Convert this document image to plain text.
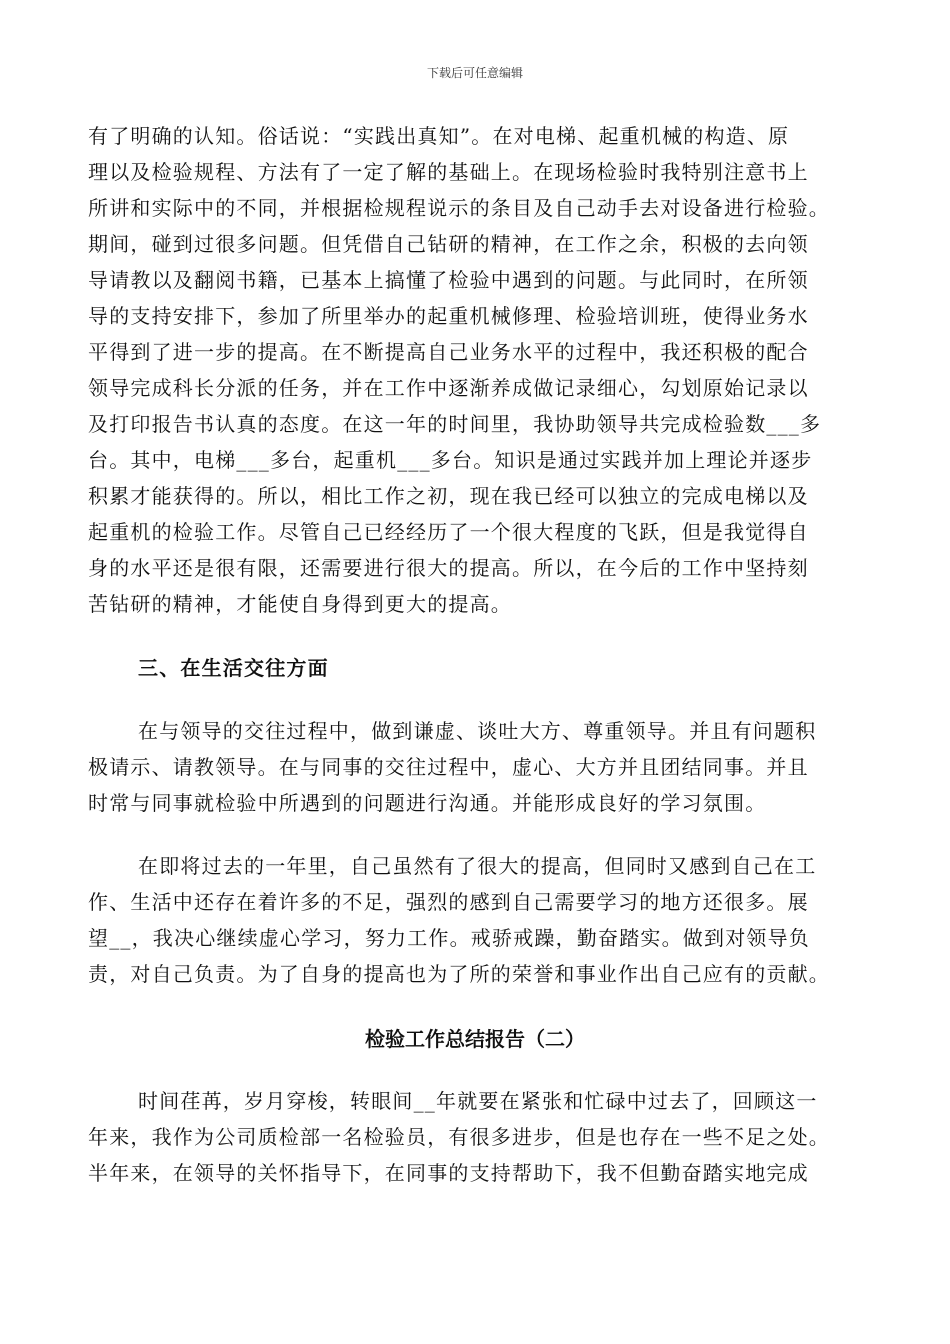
下载后可任意编辑
有了明确的认知。俗话说：“实践出真知”。在对电梯、起重机械的构造、原
理以及检验规程、方法有了一定了解的基础上。在现场检验时我特别注意书上
所讲和实际中的不同，并根据检规程说示的条目及自己动手去对设备进行检验。
期间，碰到过很多问题。但凭借自己钻研的精神，在工作之余，积极的去向领
导请教以及翻阅书籍，已基本上搞懂了检验中遇到的问题。与此同时，在所领
导的支持安排下，参加了所里举办的起重机械修理、检验培训班，使得业务水
平得到了进一步的提高。在不断提高自己业务水平的过程中，我还积极的配合
领导完成科长分派的任务，并在工作中逐渐养成做记录细心，勾划原始记录以
及打印报告书认真的态度。在这一年的时间里，我协助领导共完成检验数___多
台。其中，电梯___多台，起重机___多台。知识是通过实践并加上理论并逐步
积累才能获得的。所以，相比工作之初，现在我已经可以独立的完成电梯以及
起重机的检验工作。尽管自己已经经历了一个很大程度的飞跃，但是我觉得自
身的水平还是很有限，还需要进行很大的提高。所以，在今后的工作中坚持刻
苦钻研的精神，才能使自身得到更大的提高。
三、在生活交往方面
在与领导的交往过程中，做到谦虚、谈吐大方、尊重领导。并且有问题积
极请示、请教领导。在与同事的交往过程中，虚心、大方并且团结同事。并且
时常与同事就检验中所遇到的问题进行沟通。并能形成良好的学习氛围。
在即将过去的一年里，自己虽然有了很大的提高，但同时又感到自己在工
作、生活中还存在着许多的不足，强烈的感到自己需要学习的地方还很多。展
望__，我决心继续虚心学习，努力工作。戒骄戒躁，勤奋踏实。做到对领导负
责，对自己负责。为了自身的提高也为了所的荣誉和事业作出自己应有的贡献。
检验工作总结报告（二）
时间荏苒，岁月穿梭，转眼间__年就要在紧张和忙碌中过去了，回顾这一
年来，我作为公司质检部一名检验员，有很多进步，但是也存在一些不足之处。
半年来，在领导的关怀指导下，在同事的支持帮助下，我不但勤奋踏实地完成
